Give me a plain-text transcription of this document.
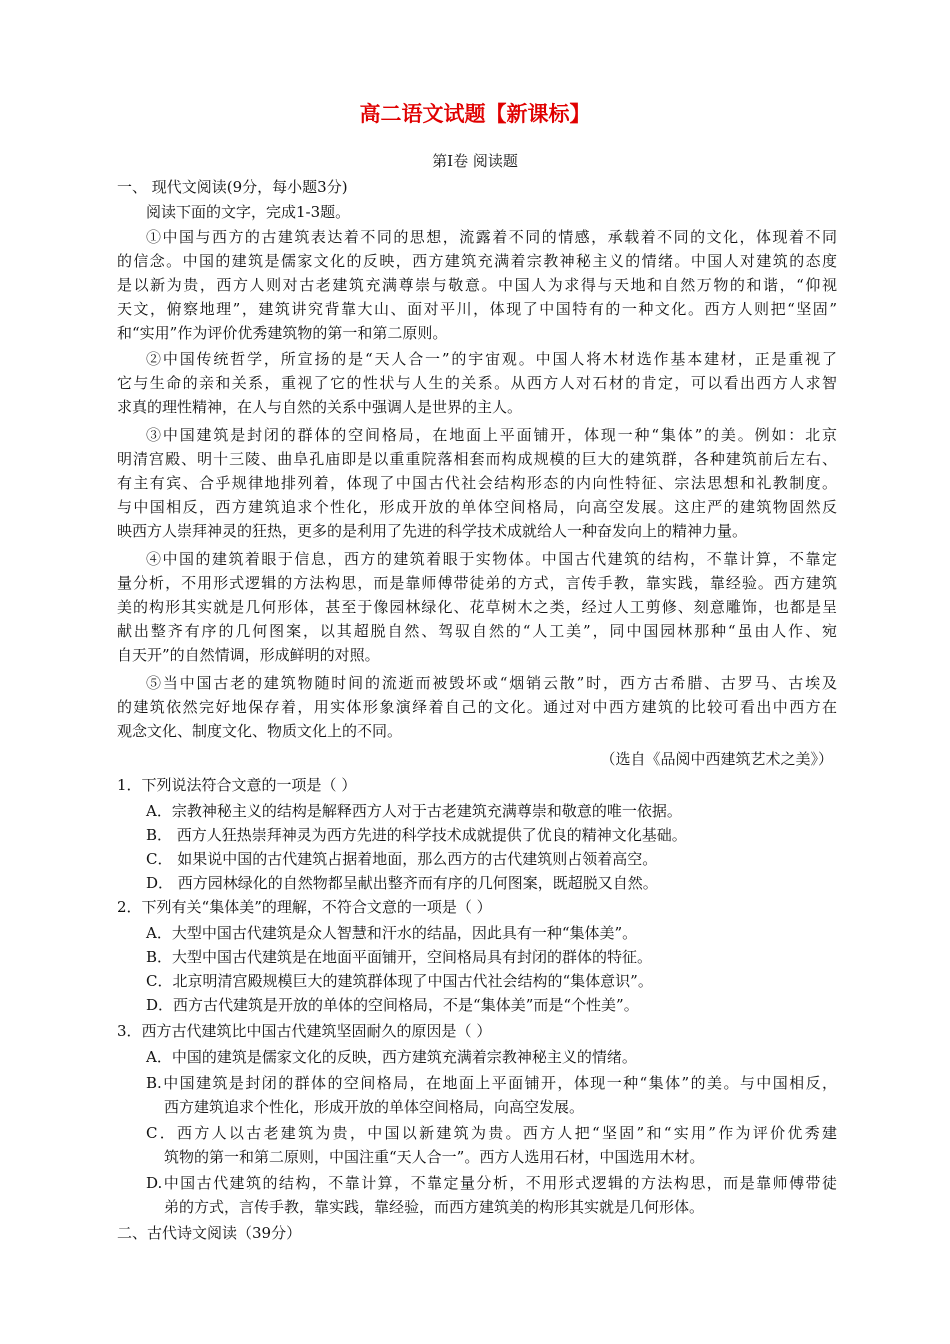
高二语文试题【新课标】
第Ⅰ卷 阅读题
一、 现代文阅读(9分，每小题3分)
阅读下面的文字，完成1-3题。
①中国与西方的古建筑表达着不同的思想，流露着不同的情感，承载着不同的文化，体现着不同
的信念。中国的建筑是儒家文化的反映，西方建筑充满着宗教神秘主义的情绪。中国人对建筑的态度
是以新为贵，西方人则对古老建筑充满尊崇与敬意。中国人为求得与天地和自然万物的和谐，“仰视
天文，俯察地理”，建筑讲究背靠大山、面对平川，体现了中国特有的一种文化。西方人则把“坚固”
和“实用”作为评价优秀建筑物的第一和第二原则。
②中国传统哲学，所宣扬的是“天人合一”的宇宙观。中国人将木材选作基本建材，正是重视了
它与生命的亲和关系，重视了它的性状与人生的关系。从西方人对石材的肯定，可以看出西方人求智
求真的理性精神，在人与自然的关系中强调人是世界的主人。
③中国建筑是封闭的群体的空间格局，在地面上平面铺开，体现一种“集体”的美。例如：北京
明清宫殿、明十三陵、曲阜孔庙即是以重重院落相套而构成规模的巨大的建筑群，各种建筑前后左右、
有主有宾、合乎规律地排列着，体现了中国古代社会结构形态的内向性特征、宗法思想和礼教制度。
与中国相反，西方建筑追求个性化，形成开放的单体空间格局，向高空发展。这庄严的建筑物固然反
映西方人崇拜神灵的狂热，更多的是利用了先进的科学技术成就给人一种奋发向上的精神力量。
④中国的建筑着眼于信息，西方的建筑着眼于实物体。中国古代建筑的结构，不靠计算，不靠定
量分析，不用形式逻辑的方法构思，而是靠师傅带徒弟的方式，言传手教，靠实践，靠经验。西方建筑
美的构形其实就是几何形体，甚至于像园林绿化、花草树木之类，经过人工剪修、刻意雕饰，也都是呈
献出整齐有序的几何图案，以其超脱自然、驾驭自然的“人工美”，同中国园林那种“虽由人作、宛
自天开”的自然情调，形成鲜明的对照。
⑤当中国古老的建筑物随时间的流逝而被毁坏或“烟销云散”时，西方古希腊、古罗马、古埃及
的建筑依然完好地保存着，用实体形象演绎着自己的文化。通过对中西方建筑的比较可看出中西方在
观念文化、制度文化、物质文化上的不同。
（选自《品阅中西建筑艺术之美》）
1．下列说法符合文意的一项是（ ）
A．宗教神秘主义的结构是解释西方人对于古老建筑充满尊崇和敬意的唯一依据。
B． 西方人狂热崇拜神灵为西方先进的科学技术成就提供了优良的精神文化基础。
C． 如果说中国的古代建筑占据着地面，那么西方的古代建筑则占领着高空。
D． 西方园林绿化的自然物都呈献出整齐而有序的几何图案，既超脱又自然。
2．下列有关“集体美”的理解，不符合文意的一项是（ ）
A．大型中国古代建筑是众人智慧和汗水的结晶，因此具有一种“集体美”。
B．大型中国古代建筑是在地面平面铺开，空间格局具有封闭的群体的特征。
C．北京明清宫殿规模巨大的建筑群体现了中国古代社会结构的“集体意识”。
D．西方古代建筑是开放的单体的空间格局，不是“集体美”而是“个性美”。
3．西方古代建筑比中国古代建筑坚固耐久的原因是（ ）
A．中国的建筑是儒家文化的反映，西方建筑充满着宗教神秘主义的情绪。
B.中国建筑是封闭的群体的空间格局，在地面上平面铺开，体现一种“集体”的美。与中国相反，
西方建筑追求个性化，形成开放的单体空间格局，向高空发展。
C．西方人以古老建筑为贵，中国以新建筑为贵。西方人把“坚固”和“实用”作为评价优秀建
筑物的第一和第二原则，中国注重“天人合一”。西方人选用石材，中国选用木材。
D.中国古代建筑的结构，不靠计算，不靠定量分析，不用形式逻辑的方法构思，而是靠师傅带徒
弟的方式，言传手教，靠实践，靠经验，而西方建筑美的构形其实就是几何形体。
二、古代诗文阅读（39分）
